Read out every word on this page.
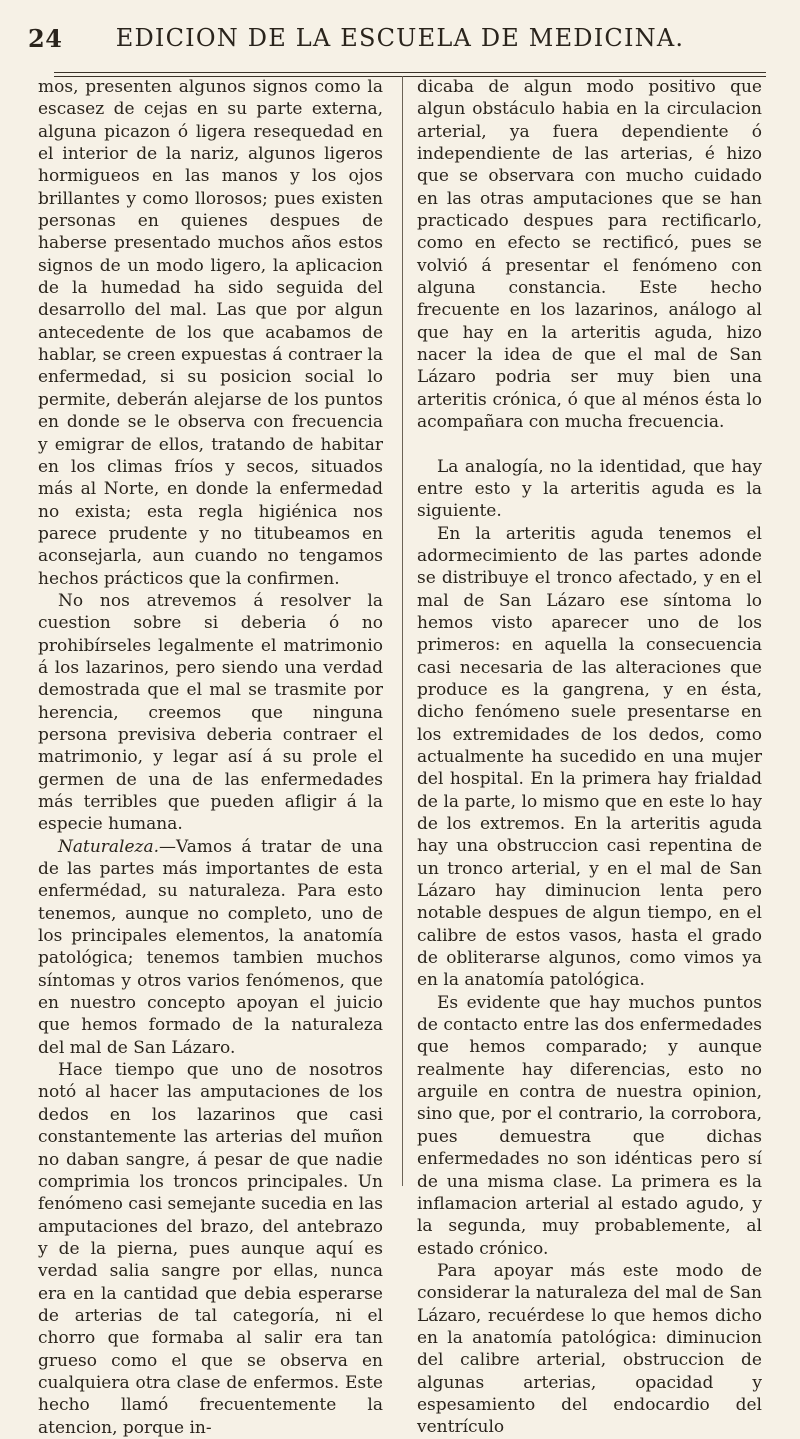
24	EDICION DE LA ESCUELA DE MEDICINA.

mos, presenten algunos signos como la escasez de cejas en su parte externa, alguna picazon ó ligera resequedad en el interior de la nariz, algunos ligeros hormigueos en las manos y los ojos brillantes y como llorosos; pues existen personas en quienes despues de haberse presentado muchos años estos signos de un modo ligero, la aplicacion de la humedad ha sido seguida del desarrollo del mal. Las que por algun antecedente de los que acabamos de hablar, se creen expuestas á contraer la enfermedad, si su posicion social lo permite, deberán alejarse de los puntos en donde se le observa con frecuencia y emigrar de ellos, tratando de habitar en los climas fríos y secos, situados más al Norte, en donde la enfermedad no exista; esta regla higiénica nos parece prudente y no titubeamos en aconsejarla, aun cuando no tengamos hechos prácticos que la confirmen.

No nos atrevemos á resolver la cuestion sobre si deberia ó no prohibírseles legalmente el matrimonio á los lazarinos, pero siendo una verdad demostrada que el mal se trasmite por herencia, creemos que ninguna persona previsiva deberia contraer el matrimonio, y legar así á su prole el germen de una de las enfermedades más terribles que pueden afligir á la especie humana.

Naturaleza.—Vamos á tratar de una de las partes más importantes de esta enfermédad, su naturaleza. Para esto tenemos, aunque no completo, uno de los principales elementos, la anatomía patológica; tenemos tambien muchos síntomas y otros varios fenómenos, que en nuestro concepto apoyan el juicio que hemos formado de la naturaleza del mal de San Lázaro.

Hace tiempo que uno de nosotros notó al hacer las amputaciones de los dedos en los lazarinos que casi constantemente las arterias del muñon no daban sangre, á pesar de que nadie comprimia los troncos principales. Un fenómeno casi semejante sucedia en las amputaciones del brazo, del antebrazo y de la pierna, pues aunque aquí es verdad salia sangre por ellas, nunca era en la cantidad que debia esperarse de arterias de tal categoría, ni el chorro que formaba al salir era tan grueso como el que se observa en cualquiera otra clase de enfermos. Este hecho llamó frecuentemente la atencion, porque in-

dicaba de algun modo positivo que algun obstáculo habia en la circulacion arterial, ya fuera dependiente ó independiente de las arterias, é hizo que se observara con mucho cuidado en las otras amputaciones que se han practicado despues para rectificarlo, como en efecto se rectificó, pues se volvió á presentar el fenómeno con alguna constancia. Este hecho frecuente en los lazarinos, análogo al que hay en la arteritis aguda, hizo nacer la idea de que el mal de San Lázaro podria ser muy bien una arteritis crónica, ó que al ménos ésta lo acompañara con mucha frecuencia.

La analogía, no la identidad, que hay entre esto y la arteritis aguda es la siguiente.

En la arteritis aguda tenemos el adormecimiento de las partes adonde se distribuye el tronco afectado, y en el mal de San Lázaro ese síntoma lo hemos visto aparecer uno de los primeros: en aquella la consecuencia casi necesaria de las alteraciones que produce es la gangrena, y en ésta, dicho fenómeno suele presentarse en los extremidades de los dedos, como actualmente ha sucedido en una mujer del hospital. En la primera hay frialdad de la parte, lo mismo que en este lo hay de los extremos. En la arteritis aguda hay una obstruccion casi repentina de un tronco arterial, y en el mal de San Lázaro hay diminucion lenta pero notable despues de algun tiempo, en el calibre de estos vasos, hasta el grado de obliterarse algunos, como vimos ya en la anatomía patológica.

Es evidente que hay muchos puntos de contacto entre las dos enfermedades que hemos comparado; y aunque realmente hay diferencias, esto no arguile en contra de nuestra opinion, sino que, por el contrario, la corrobora, pues demuestra que dichas enfermedades no son idénticas pero sí de una misma clase. La primera es la inflamacion arterial al estado agudo, y la segunda, muy probablemente, al estado crónico.

Para apoyar más este modo de considerar la naturaleza del mal de San Lázaro, recuérdese lo que hemos dicho en la anatomía patológica: diminucion del calibre arterial, obstruccion de algunas arterias, opacidad y espesamiento del endocardio del ventrículo
